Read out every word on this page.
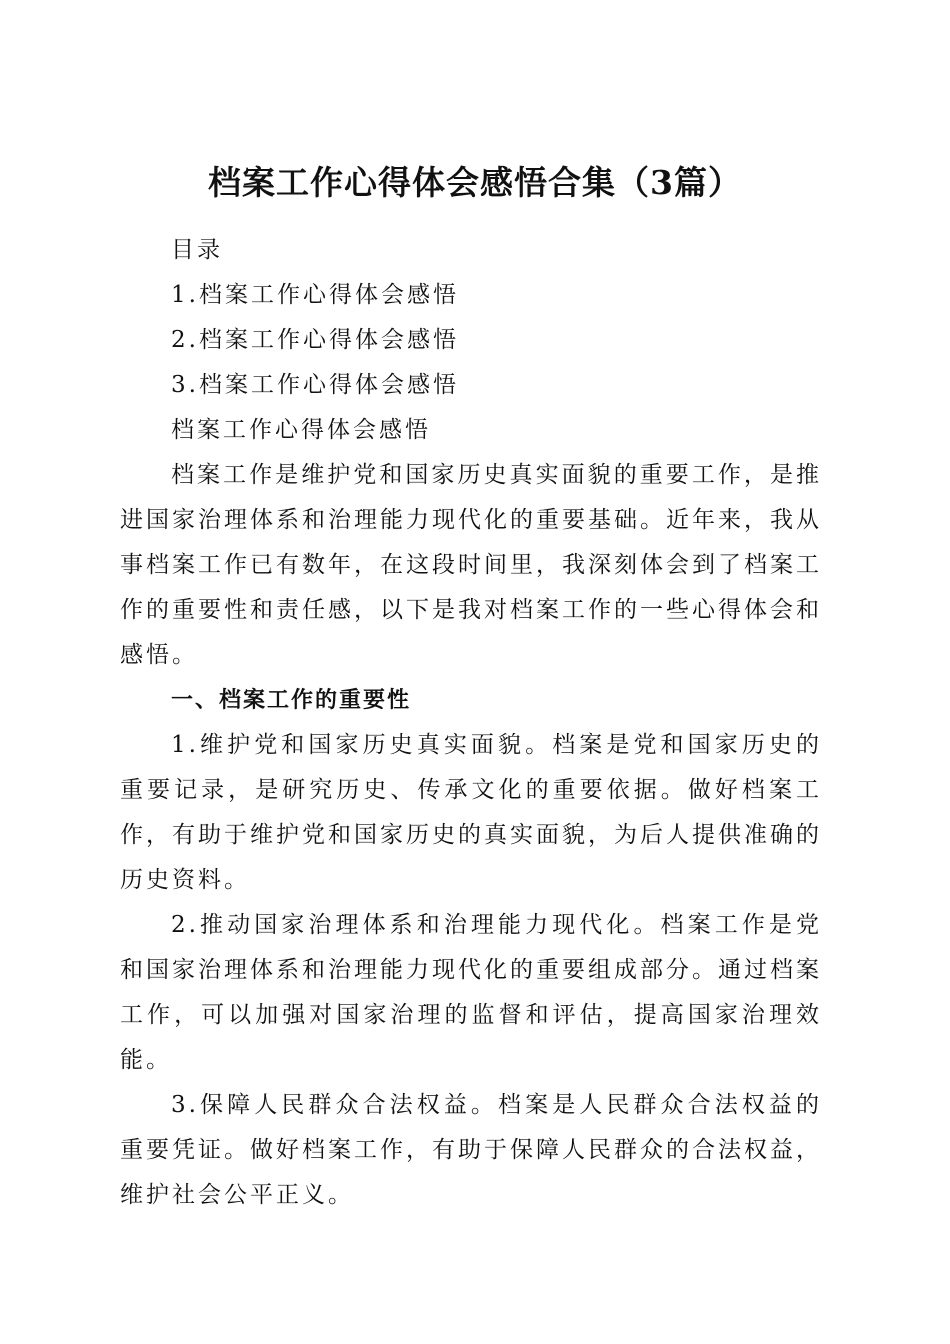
档案工作心得体会感悟合集（3篇）

目录

1.档案工作心得体会感悟

2.档案工作心得体会感悟

3.档案工作心得体会感悟

档案工作心得体会感悟

档案工作是维护党和国家历史真实面貌的重要工作，是推进国家治理体系和治理能力现代化的重要基础。近年来，我从事档案工作已有数年，在这段时间里，我深刻体会到了档案工作的重要性和责任感，以下是我对档案工作的一些心得体会和感悟。

一、档案工作的重要性

1.维护党和国家历史真实面貌。档案是党和国家历史的重要记录，是研究历史、传承文化的重要依据。做好档案工作，有助于维护党和国家历史的真实面貌，为后人提供准确的历史资料。

2.推动国家治理体系和治理能力现代化。档案工作是党和国家治理体系和治理能力现代化的重要组成部分。通过档案工作，可以加强对国家治理的监督和评估，提高国家治理效能。

3.保障人民群众合法权益。档案是人民群众合法权益的重要凭证。做好档案工作，有助于保障人民群众的合法权益，维护社会公平正义。
